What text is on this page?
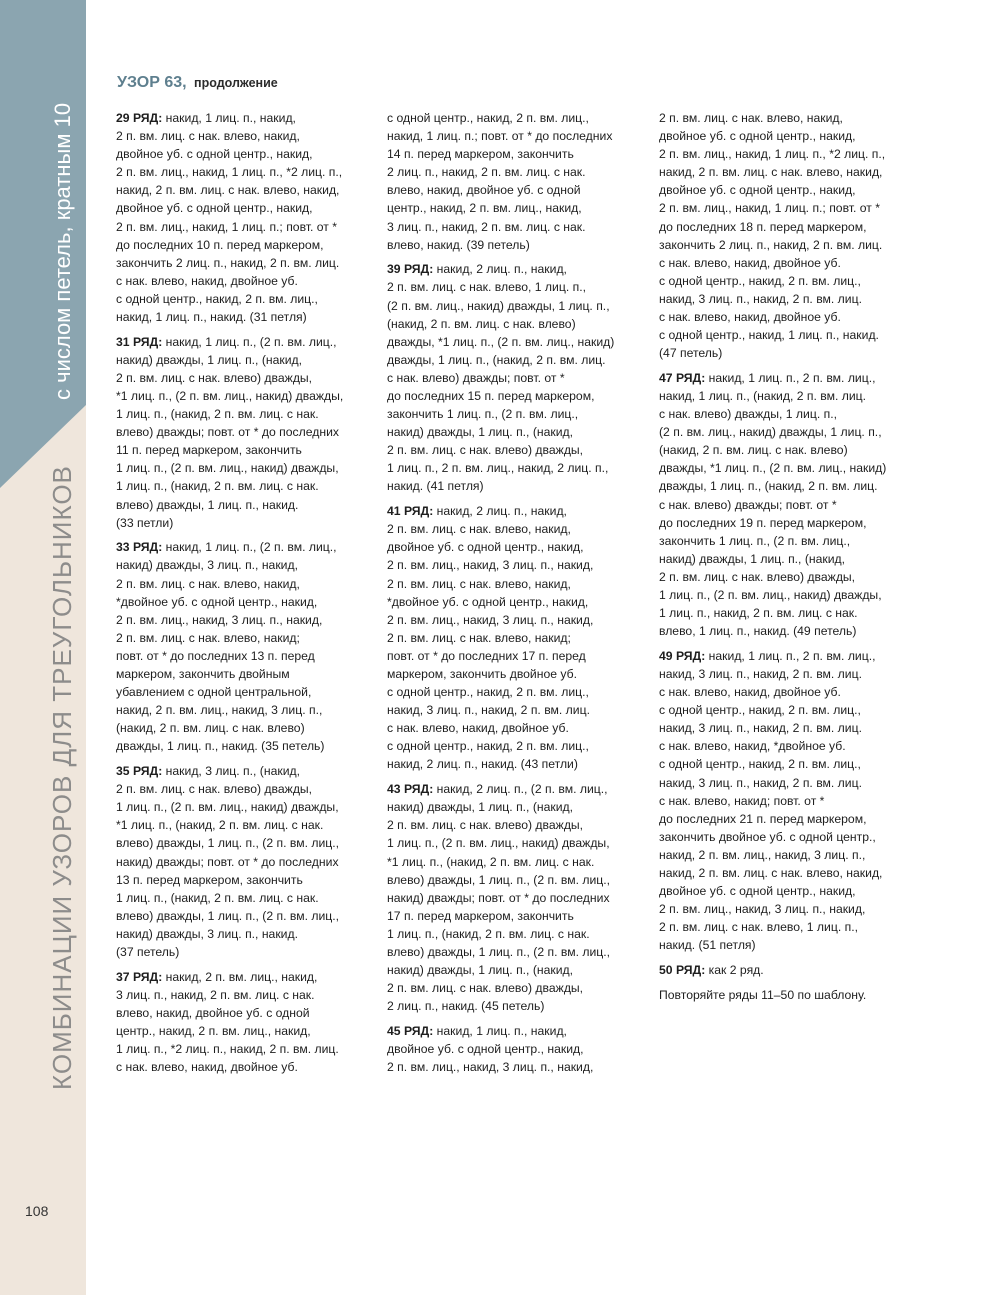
с числом петель, кратным 10
КОМБИНАЦИИ УЗОРОВ ДЛЯ ТРЕУГОЛЬНИКОВ
108
УЗОР 63, продолжение
29 РЯД: накид, 1 лиц. п., накид,
2 п. вм. лиц. с нак. влево, накид,
двойное уб. с одной центр., накид,
2 п. вм. лиц., накид, 1 лиц. п., *2 лиц. п.,
накид, 2 п. вм. лиц. с нак. влево, накид,
двойное уб. с одной центр., накид,
2 п. вм. лиц., накид, 1 лиц. п.; повт. от *
до последних 10 п. перед маркером,
закончить 2 лиц. п., накид, 2 п. вм. лиц.
с нак. влево, накид, двойное уб.
с одной центр., накид, 2 п. вм. лиц.,
накид, 1 лиц. п., накид. (31 петля)
31 РЯД: накид, 1 лиц. п., (2 п. вм. лиц.,
накид) дважды, 1 лиц. п., (накид,
2 п. вм. лиц. с нак. влево) дважды,
*1 лиц. п., (2 п. вм. лиц., накид) дважды,
1 лиц. п., (накид, 2 п. вм. лиц. с нак.
влево) дважды; повт. от * до последних
11 п. перед маркером, закончить
1 лиц. п., (2 п. вм. лиц., накид) дважды,
1 лиц. п., (накид, 2 п. вм. лиц. с нак.
влево) дважды, 1 лиц. п., накид.
(33 петли)
33 РЯД: накид, 1 лиц. п., (2 п. вм. лиц.,
накид) дважды, 3 лиц. п., накид,
2 п. вм. лиц. с нак. влево, накид,
*двойное уб. с одной центр., накид,
2 п. вм. лиц., накид, 3 лиц. п., накид,
2 п. вм. лиц. с нак. влево, накид;
повт. от * до последних 13 п. перед
маркером, закончить двойным
убавлением с одной центральной,
накид, 2 п. вм. лиц., накид, 3 лиц. п.,
(накид, 2 п. вм. лиц. с нак. влево)
дважды, 1 лиц. п., накид. (35 петель)
35 РЯД: накид, 3 лиц. п., (накид,
2 п. вм. лиц. с нак. влево) дважды,
1 лиц. п., (2 п. вм. лиц., накид) дважды,
*1 лиц. п., (накид, 2 п. вм. лиц. с нак.
влево) дважды, 1 лиц. п., (2 п. вм. лиц.,
накид) дважды; повт. от * до последних
13 п. перед маркером, закончить
1 лиц. п., (накид, 2 п. вм. лиц. с нак.
влево) дважды, 1 лиц. п., (2 п. вм. лиц.,
накид) дважды, 3 лиц. п., накид.
(37 петель)
37 РЯД: накид, 2 п. вм. лиц., накид,
3 лиц. п., накид, 2 п. вм. лиц. с нак.
влево, накид, двойное уб. с одной
центр., накид, 2 п. вм. лиц., накид,
1 лиц. п., *2 лиц. п., накид, 2 п. вм. лиц.
с нак. влево, накид, двойное уб.
с одной центр., накид, 2 п. вм. лиц.,
накид, 1 лиц. п.; повт. от * до последних
14 п. перед маркером, закончить
2 лиц. п., накид, 2 п. вм. лиц. с нак.
влево, накид, двойное уб. с одной
центр., накид, 2 п. вм. лиц., накид,
3 лиц. п., накид, 2 п. вм. лиц. с нак.
влево, накид. (39 петель)
39 РЯД: накид, 2 лиц. п., накид,
2 п. вм. лиц. с нак. влево, 1 лиц. п.,
(2 п. вм. лиц., накид) дважды, 1 лиц. п.,
(накид, 2 п. вм. лиц. с нак. влево)
дважды, *1 лиц. п., (2 п. вм. лиц., накид)
дважды, 1 лиц. п., (накид, 2 п. вм. лиц.
с нак. влево) дважды; повт. от *
до последних 15 п. перед маркером,
закончить 1 лиц. п., (2 п. вм. лиц.,
накид) дважды, 1 лиц. п., (накид,
2 п. вм. лиц. с нак. влево) дважды,
1 лиц. п., 2 п. вм. лиц., накид, 2 лиц. п.,
накид. (41 петля)
41 РЯД: накид, 2 лиц. п., накид,
2 п. вм. лиц. с нак. влево, накид,
двойное уб. с одной центр., накид,
2 п. вм. лиц., накид, 3 лиц. п., накид,
2 п. вм. лиц. с нак. влево, накид,
*двойное уб. с одной центр., накид,
2 п. вм. лиц., накид, 3 лиц. п., накид,
2 п. вм. лиц. с нак. влево, накид;
повт. от * до последних 17 п. перед
маркером, закончить двойное уб.
с одной центр., накид, 2 п. вм. лиц.,
накид, 3 лиц. п., накид, 2 п. вм. лиц.
с нак. влево, накид, двойное уб.
с одной центр., накид, 2 п. вм. лиц.,
накид, 2 лиц. п., накид. (43 петли)
43 РЯД: накид, 2 лиц. п., (2 п. вм. лиц.,
накид) дважды, 1 лиц. п., (накид,
2 п. вм. лиц. с нак. влево) дважды,
1 лиц. п., (2 п. вм. лиц., накид) дважды,
*1 лиц. п., (накид, 2 п. вм. лиц. с нак.
влево) дважды, 1 лиц. п., (2 п. вм. лиц.,
накид) дважды; повт. от * до последних
17 п. перед маркером, закончить
1 лиц. п., (накид, 2 п. вм. лиц. с нак.
влево) дважды, 1 лиц. п., (2 п. вм. лиц.,
накид) дважды, 1 лиц. п., (накид,
2 п. вм. лиц. с нак. влево) дважды,
2 лиц. п., накид. (45 петель)
45 РЯД: накид, 1 лиц. п., накид,
двойное уб. с одной центр., накид,
2 п. вм. лиц., накид, 3 лиц. п., накид,
2 п. вм. лиц. с нак. влево, накид,
двойное уб. с одной центр., накид,
2 п. вм. лиц., накид, 1 лиц. п., *2 лиц. п.,
накид, 2 п. вм. лиц. с нак. влево, накид,
двойное уб. с одной центр., накид,
2 п. вм. лиц., накид, 1 лиц. п.; повт. от *
до последних 18 п. перед маркером,
закончить 2 лиц. п., накид, 2 п. вм. лиц.
с нак. влево, накид, двойное уб.
с одной центр., накид, 2 п. вм. лиц.,
накид, 3 лиц. п., накид, 2 п. вм. лиц.
с нак. влево, накид, двойное уб.
с одной центр., накид, 1 лиц. п., накид.
(47 петель)
47 РЯД: накид, 1 лиц. п., 2 п. вм. лиц.,
накид, 1 лиц. п., (накид, 2 п. вм. лиц.
с нак. влево) дважды, 1 лиц. п.,
(2 п. вм. лиц., накид) дважды, 1 лиц. п.,
(накид, 2 п. вм. лиц. с нак. влево)
дважды, *1 лиц. п., (2 п. вм. лиц., накид)
дважды, 1 лиц. п., (накид, 2 п. вм. лиц.
с нак. влево) дважды; повт. от *
до последних 19 п. перед маркером,
закончить 1 лиц. п., (2 п. вм. лиц.,
накид) дважды, 1 лиц. п., (накид,
2 п. вм. лиц. с нак. влево) дважды,
1 лиц. п., (2 п. вм. лиц., накид) дважды,
1 лиц. п., накид, 2 п. вм. лиц. с нак.
влево, 1 лиц. п., накид. (49 петель)
49 РЯД: накид, 1 лиц. п., 2 п. вм. лиц.,
накид, 3 лиц. п., накид, 2 п. вм. лиц.
с нак. влево, накид, двойное уб.
с одной центр., накид, 2 п. вм. лиц.,
накид, 3 лиц. п., накид, 2 п. вм. лиц.
с нак. влево, накид, *двойное уб.
с одной центр., накид, 2 п. вм. лиц.,
накид, 3 лиц. п., накид, 2 п. вм. лиц.
с нак. влево, накид; повт. от *
до последних 21 п. перед маркером,
закончить двойное уб. с одной центр.,
накид, 2 п. вм. лиц., накид, 3 лиц. п.,
накид, 2 п. вм. лиц. с нак. влево, накид,
двойное уб. с одной центр., накид,
2 п. вм. лиц., накид, 3 лиц. п., накид,
2 п. вм. лиц. с нак. влево, 1 лиц. п.,
накид. (51 петля)
50 РЯД: как 2 ряд.
Повторяйте ряды 11–50 по шаблону.
